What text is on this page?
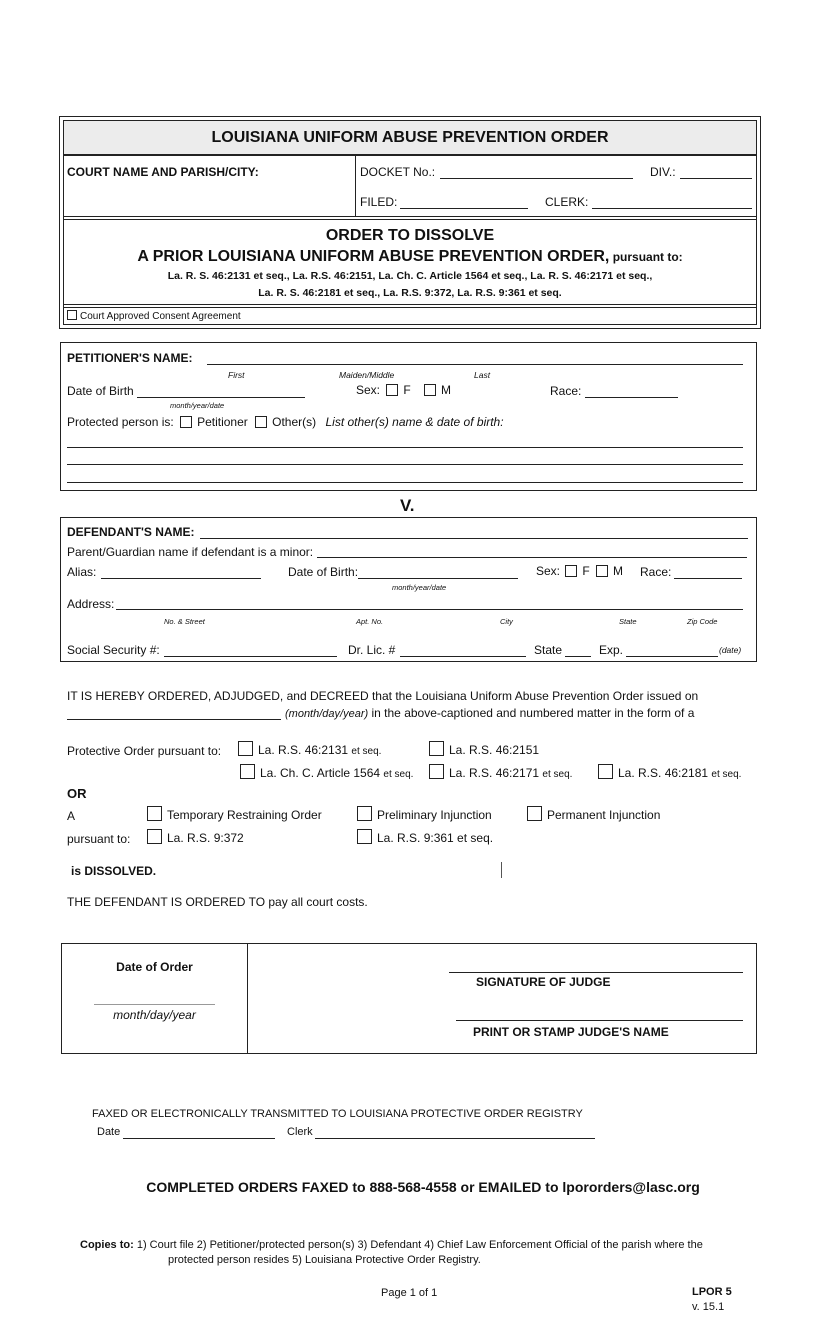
LOUISIANA UNIFORM ABUSE PREVENTION ORDER
COURT NAME AND PARISH/CITY:	DOCKET No.:	DIV.:
FILED:	CLERK:
ORDER TO DISSOLVE
A PRIOR LOUISIANA UNIFORM ABUSE PREVENTION ORDER, pursuant to:
La. R. S. 46:2131 et seq., La. R.S. 46:2151, La. Ch. C. Article 1564 et seq., La. R. S. 46:2171 et seq.,
La. R. S. 46:2181 et seq., La. R.S. 9:372, La. R.S. 9:361 et seq.
Court Approved Consent Agreement
PETITIONER'S NAME:
First	Maiden/Middle	Last
Date of Birth
month/year/date
Sex: F	M	Race:
Protected person is: Petitioner Other(s) List other(s) name & date of birth:
V.
DEFENDANT'S NAME:
Parent/Guardian name if defendant is a minor:
Alias:	Date of Birth:
month/year/date
Sex: F M Race:
Address:
No. & Street	Apt. No.	City	State	Zip Code
Social Security #:	Dr. Lic. #	State	Exp.	(date)
IT IS HEREBY ORDERED, ADJUDGED, and DECREED that the Louisiana Uniform Abuse Prevention Order issued on
(month/day/year) in the above-captioned and numbered matter in the form of a
Protective Order pursuant to:	La. R.S. 46:2131 et seq.	La. R.S. 46:2151
La. Ch. C. Article 1564 et seq.	La. R.S. 46:2171 et seq.	La. R.S. 46:2181 et seq.
OR
A	Temporary Restraining Order	Preliminary Injunction	Permanent Injunction
pursuant to:	La. R.S. 9:372	La. R.S. 9:361 et seq.
is DISSOLVED.
THE DEFENDANT IS ORDERED TO pay all court costs.
Date of Order
month/day/year
SIGNATURE OF JUDGE
PRINT OR STAMP JUDGE'S NAME
FAXED OR ELECTRONICALLY TRANSMITTED TO LOUISIANA PROTECTIVE ORDER REGISTRY
Date	Clerk
COMPLETED ORDERS FAXED to 888-568-4558 or EMAILED to lpororders@lasc.org
Copies to: 1) Court file 2) Petitioner/protected person(s) 3) Defendant 4) Chief Law Enforcement Official of the parish where the
protected person resides 5) Louisiana Protective Order Registry.
Page 1 of 1	LPOR 5
v. 15.1
